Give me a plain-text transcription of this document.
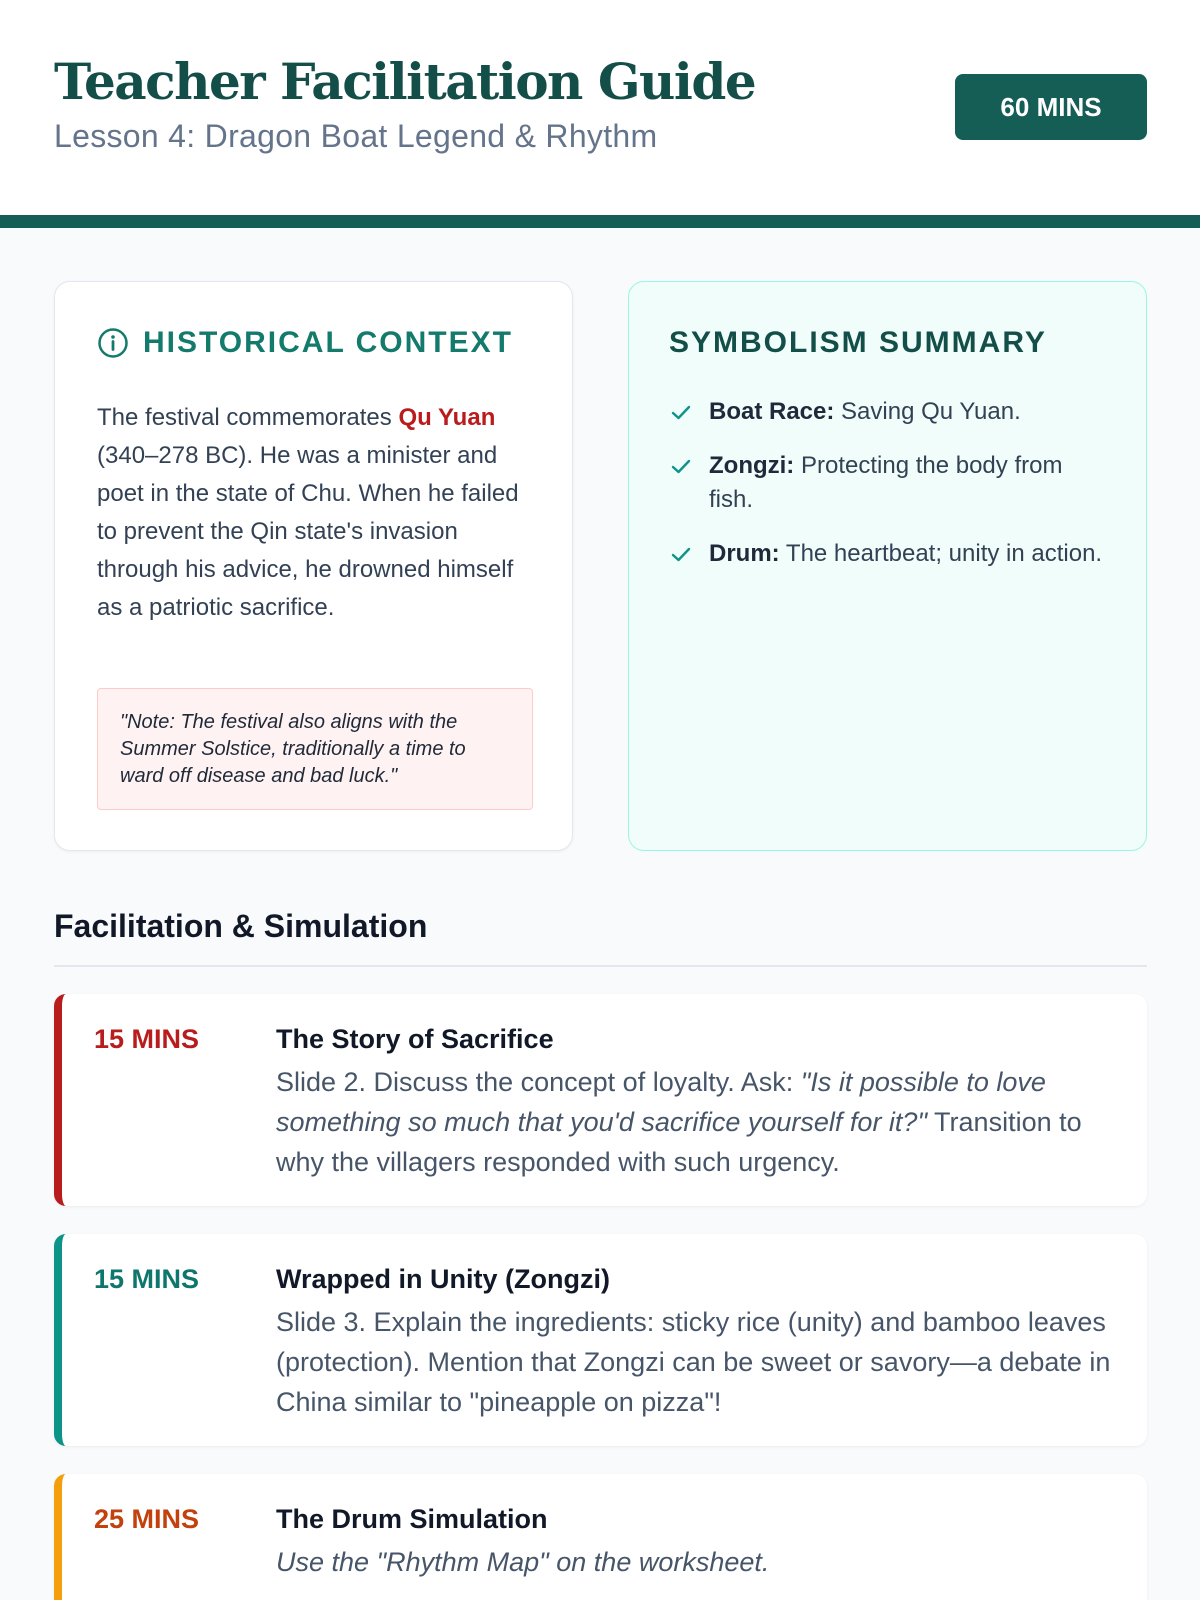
Teacher Facilitation Guide
Lesson 4: Dragon Boat Legend & Rhythm
60 MINS
HISTORICAL CONTEXT

The festival commemorates Qu Yuan (340–278 BC). He was a minister and poet in the state of Chu. When he failed to prevent the Qin state's invasion through his advice, he drowned himself as a patriotic sacrifice.

"Note: The festival also aligns with the Summer Solstice, traditionally a time to ward off disease and bad luck."
SYMBOLISM SUMMARY
Boat Race: Saving Qu Yuan.
Zongzi: Protecting the body from fish.
Drum: The heartbeat; unity in action.
Facilitation & Simulation
15 MINS	The Story of Sacrifice

Slide 2. Discuss the concept of loyalty. Ask: "Is it possible to love something so much that you'd sacrifice yourself for it?" Transition to why the villagers responded with such urgency.

15 MINS	Wrapped in Unity (Zongzi)

Slide 3. Explain the ingredients: sticky rice (unity) and bamboo leaves (protection). Mention that Zongzi can be sweet or savory—a debate in China similar to "pineapple on pizza"!

25 MINS	The Drum Simulation

Use the "Rhythm Map" on the worksheet.
